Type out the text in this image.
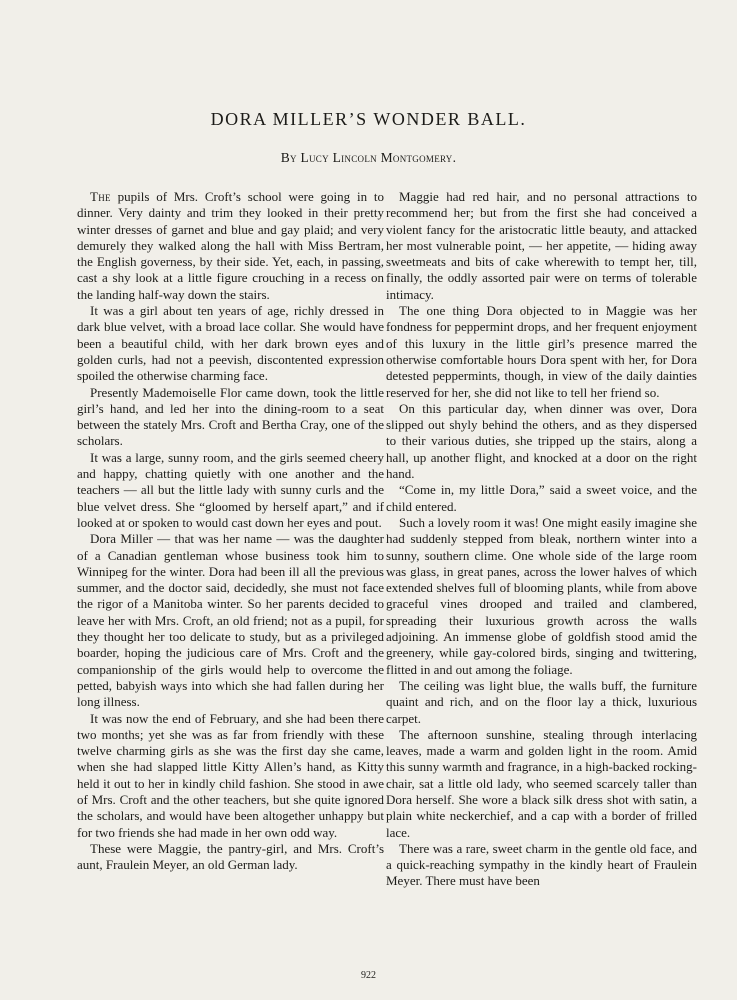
DORA MILLER’S WONDER BALL.
By Lucy Lincoln Montgomery.

The pupils of Mrs. Croft’s school were going in to dinner. Very dainty and trim they looked in their pretty winter dresses of garnet and blue and gay plaid; and very demurely they walked along the hall with Miss Bertram, the English governess, by their side. Yet, each, in passing, cast a shy look at a little figure crouching in a recess on the landing half-way down the stairs.

It was a girl about ten years of age, richly dressed in dark blue velvet, with a broad lace collar. She would have been a beautiful child, with her dark brown eyes and golden curls, had not a peevish, discontented expression spoiled the otherwise charming face.

Presently Mademoiselle Flor came down, took the little girl’s hand, and led her into the dining-room to a seat between the stately Mrs. Croft and Bertha Cray, one of the scholars.

It was a large, sunny room, and the girls seemed cheery and happy, chatting quietly with one another and the teachers — all but the little lady with sunny curls and the blue velvet dress. She “gloomed by herself apart,” and if looked at or spoken to would cast down her eyes and pout.

Dora Miller — that was her name — was the daughter of a Canadian gentleman whose business took him to Winnipeg for the winter. Dora had been ill all the previous summer, and the doctor said, decidedly, she must not face the rigor of a Manitoba winter. So her parents decided to leave her with Mrs. Croft, an old friend; not as a pupil, for they thought her too delicate to study, but as a privileged boarder, hoping the judicious care of Mrs. Croft and the companionship of the girls would help to overcome the petted, babyish ways into which she had fallen during her long illness.

It was now the end of February, and she had been there two months; yet she was as far from friendly with these twelve charming girls as she was the first day she came, when she had slapped little Kitty Allen’s hand, as Kitty held it out to her in kindly child fashion. She stood in awe of Mrs. Croft and the other teachers, but she quite ignored the scholars, and would have been altogether unhappy but for two friends she had made in her own odd way.

These were Maggie, the pantry-girl, and Mrs. Croft’s aunt, Fraulein Meyer, an old German lady.

Maggie had red hair, and no personal attractions to recommend her; but from the first she had conceived a violent fancy for the aristocratic little beauty, and attacked her most vulnerable point, — her appetite, — hiding away sweetmeats and bits of cake wherewith to tempt her, till, finally, the oddly assorted pair were on terms of tolerable intimacy.

The one thing Dora objected to in Maggie was her fondness for peppermint drops, and her frequent enjoyment of this luxury in the little girl’s presence marred the otherwise comfortable hours Dora spent with her, for Dora detested peppermints, though, in view of the daily dainties reserved for her, she did not like to tell her friend so.

On this particular day, when dinner was over, Dora slipped out shyly behind the others, and as they dispersed to their various duties, she tripped up the stairs, along a hall, up another flight, and knocked at a door on the right hand.

“Come in, my little Dora,” said a sweet voice, and the child entered.

Such a lovely room it was! One might easily imagine she had suddenly stepped from bleak, northern winter into a sunny, southern clime. One whole side of the large room was glass, in great panes, across the lower halves of which extended shelves full of blooming plants, while from above graceful vines drooped and trailed and clambered, spreading their luxurious growth across the walls adjoining. An immense globe of goldfish stood amid the greenery, while gay-colored birds, singing and twittering, flitted in and out among the foliage.

The ceiling was light blue, the walls buff, the furniture quaint and rich, and on the floor lay a thick, luxurious carpet.

The afternoon sunshine, stealing through interlacing leaves, made a warm and golden light in the room. Amid this sunny warmth and fragrance, in a high-backed rocking-chair, sat a little old lady, who seemed scarcely taller than Dora herself. She wore a black silk dress shot with satin, a plain white neckerchief, and a cap with a border of frilled lace.

There was a rare, sweet charm in the gentle old face, and a quick-reaching sympathy in the kindly heart of Fraulein Meyer. There must have been

922
